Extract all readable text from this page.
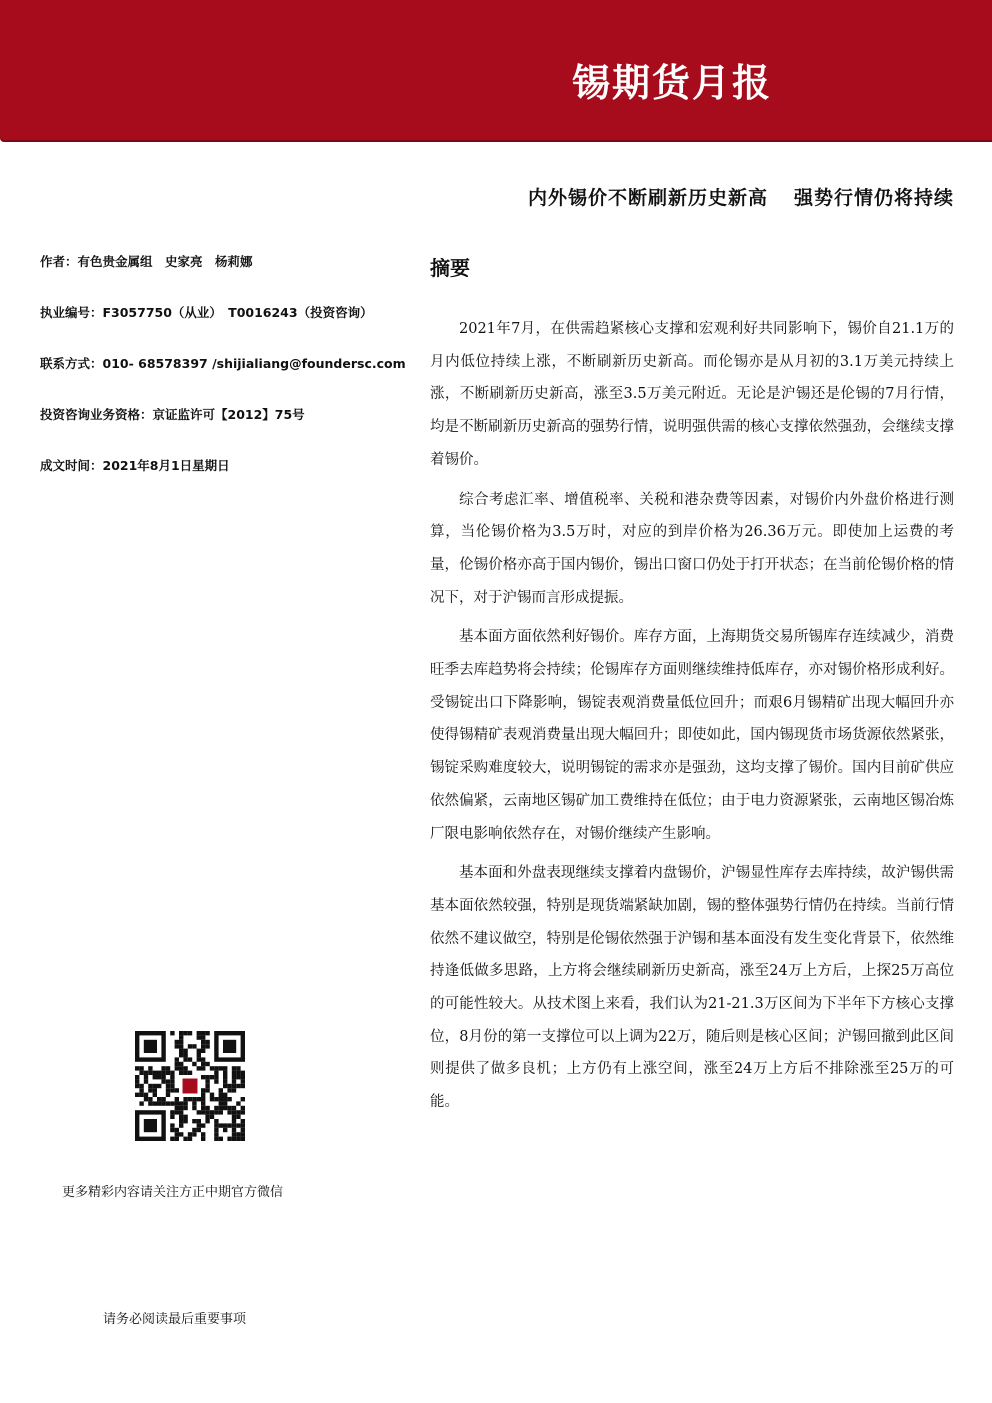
锡期货月报
内外锡价不断刷新历史新高 强势行情仍将持续
作者：有色贵金属组　史家亮　杨莉娜
执业编号：F3057750（从业）　T0016243（投资咨询）
联系方式：010- 68578397 /shijialiang@foundersc.com
投资咨询业务资格：京证监许可【2012】75号
成文时间：2021年8月1日星期日
更多精彩内容请关注方正中期官方微信
请务必阅读最后重要事项
摘要

2021年7月，在供需趋紧核心支撑和宏观利好共同影响下，锡价自21.1万的月内低位持续上涨，不断刷新历史新高。而伦锡亦是从月初的3.1万美元持续上涨，不断刷新历史新高，涨至3.5万美元附近。无论是沪锡还是伦锡的7月行情，均是不断刷新历史新高的强势行情，说明强供需的核心支撑依然强劲，会继续支撑着锡价。

综合考虑汇率、增值税率、关税和港杂费等因素，对锡价内外盘价格进行测算，当伦锡价格为3.5万时，对应的到岸价格为26.36万元。即使加上运费的考量，伦锡价格亦高于国内锡价，锡出口窗口仍处于打开状态；在当前伦锡价格的情况下，对于沪锡而言形成提振。

基本面方面依然利好锡价。库存方面，上海期货交易所锡库存连续减少，消费旺季去库趋势将会持续；伦锡库存方面则继续维持低库存，亦对锡价格形成利好。受锡锭出口下降影响，锡锭表观消费量低位回升；而艰6月锡精矿出现大幅回升亦使得锡精矿表观消费量出现大幅回升；即使如此，国内锡现货市场货源依然紧张，锡锭采购难度较大，说明锡锭的需求亦是强劲，这均支撑了锡价。国内目前矿供应依然偏紧，云南地区锡矿加工费维持在低位；由于电力资源紧张，云南地区锡冶炼厂限电影响依然存在，对锡价继续产生影响。

基本面和外盘表现继续支撑着内盘锡价，沪锡显性库存去库持续，故沪锡供需基本面依然较强，特别是现货端紧缺加剧，锡的整体强势行情仍在持续。当前行情依然不建议做空，特别是伦锡依然强于沪锡和基本面没有发生变化背景下，依然维持逢低做多思路，上方将会继续刷新历史新高，涨至24万上方后，上探25万高位的可能性较大。从技术图上来看，我们认为21-21.3万区间为下半年下方核心支撑位，8月份的第一支撑位可以上调为22万，随后则是核心区间；沪锡回撤到此区间则提供了做多良机；上方仍有上涨空间，涨至24万上方后不排除涨至25万的可能。
